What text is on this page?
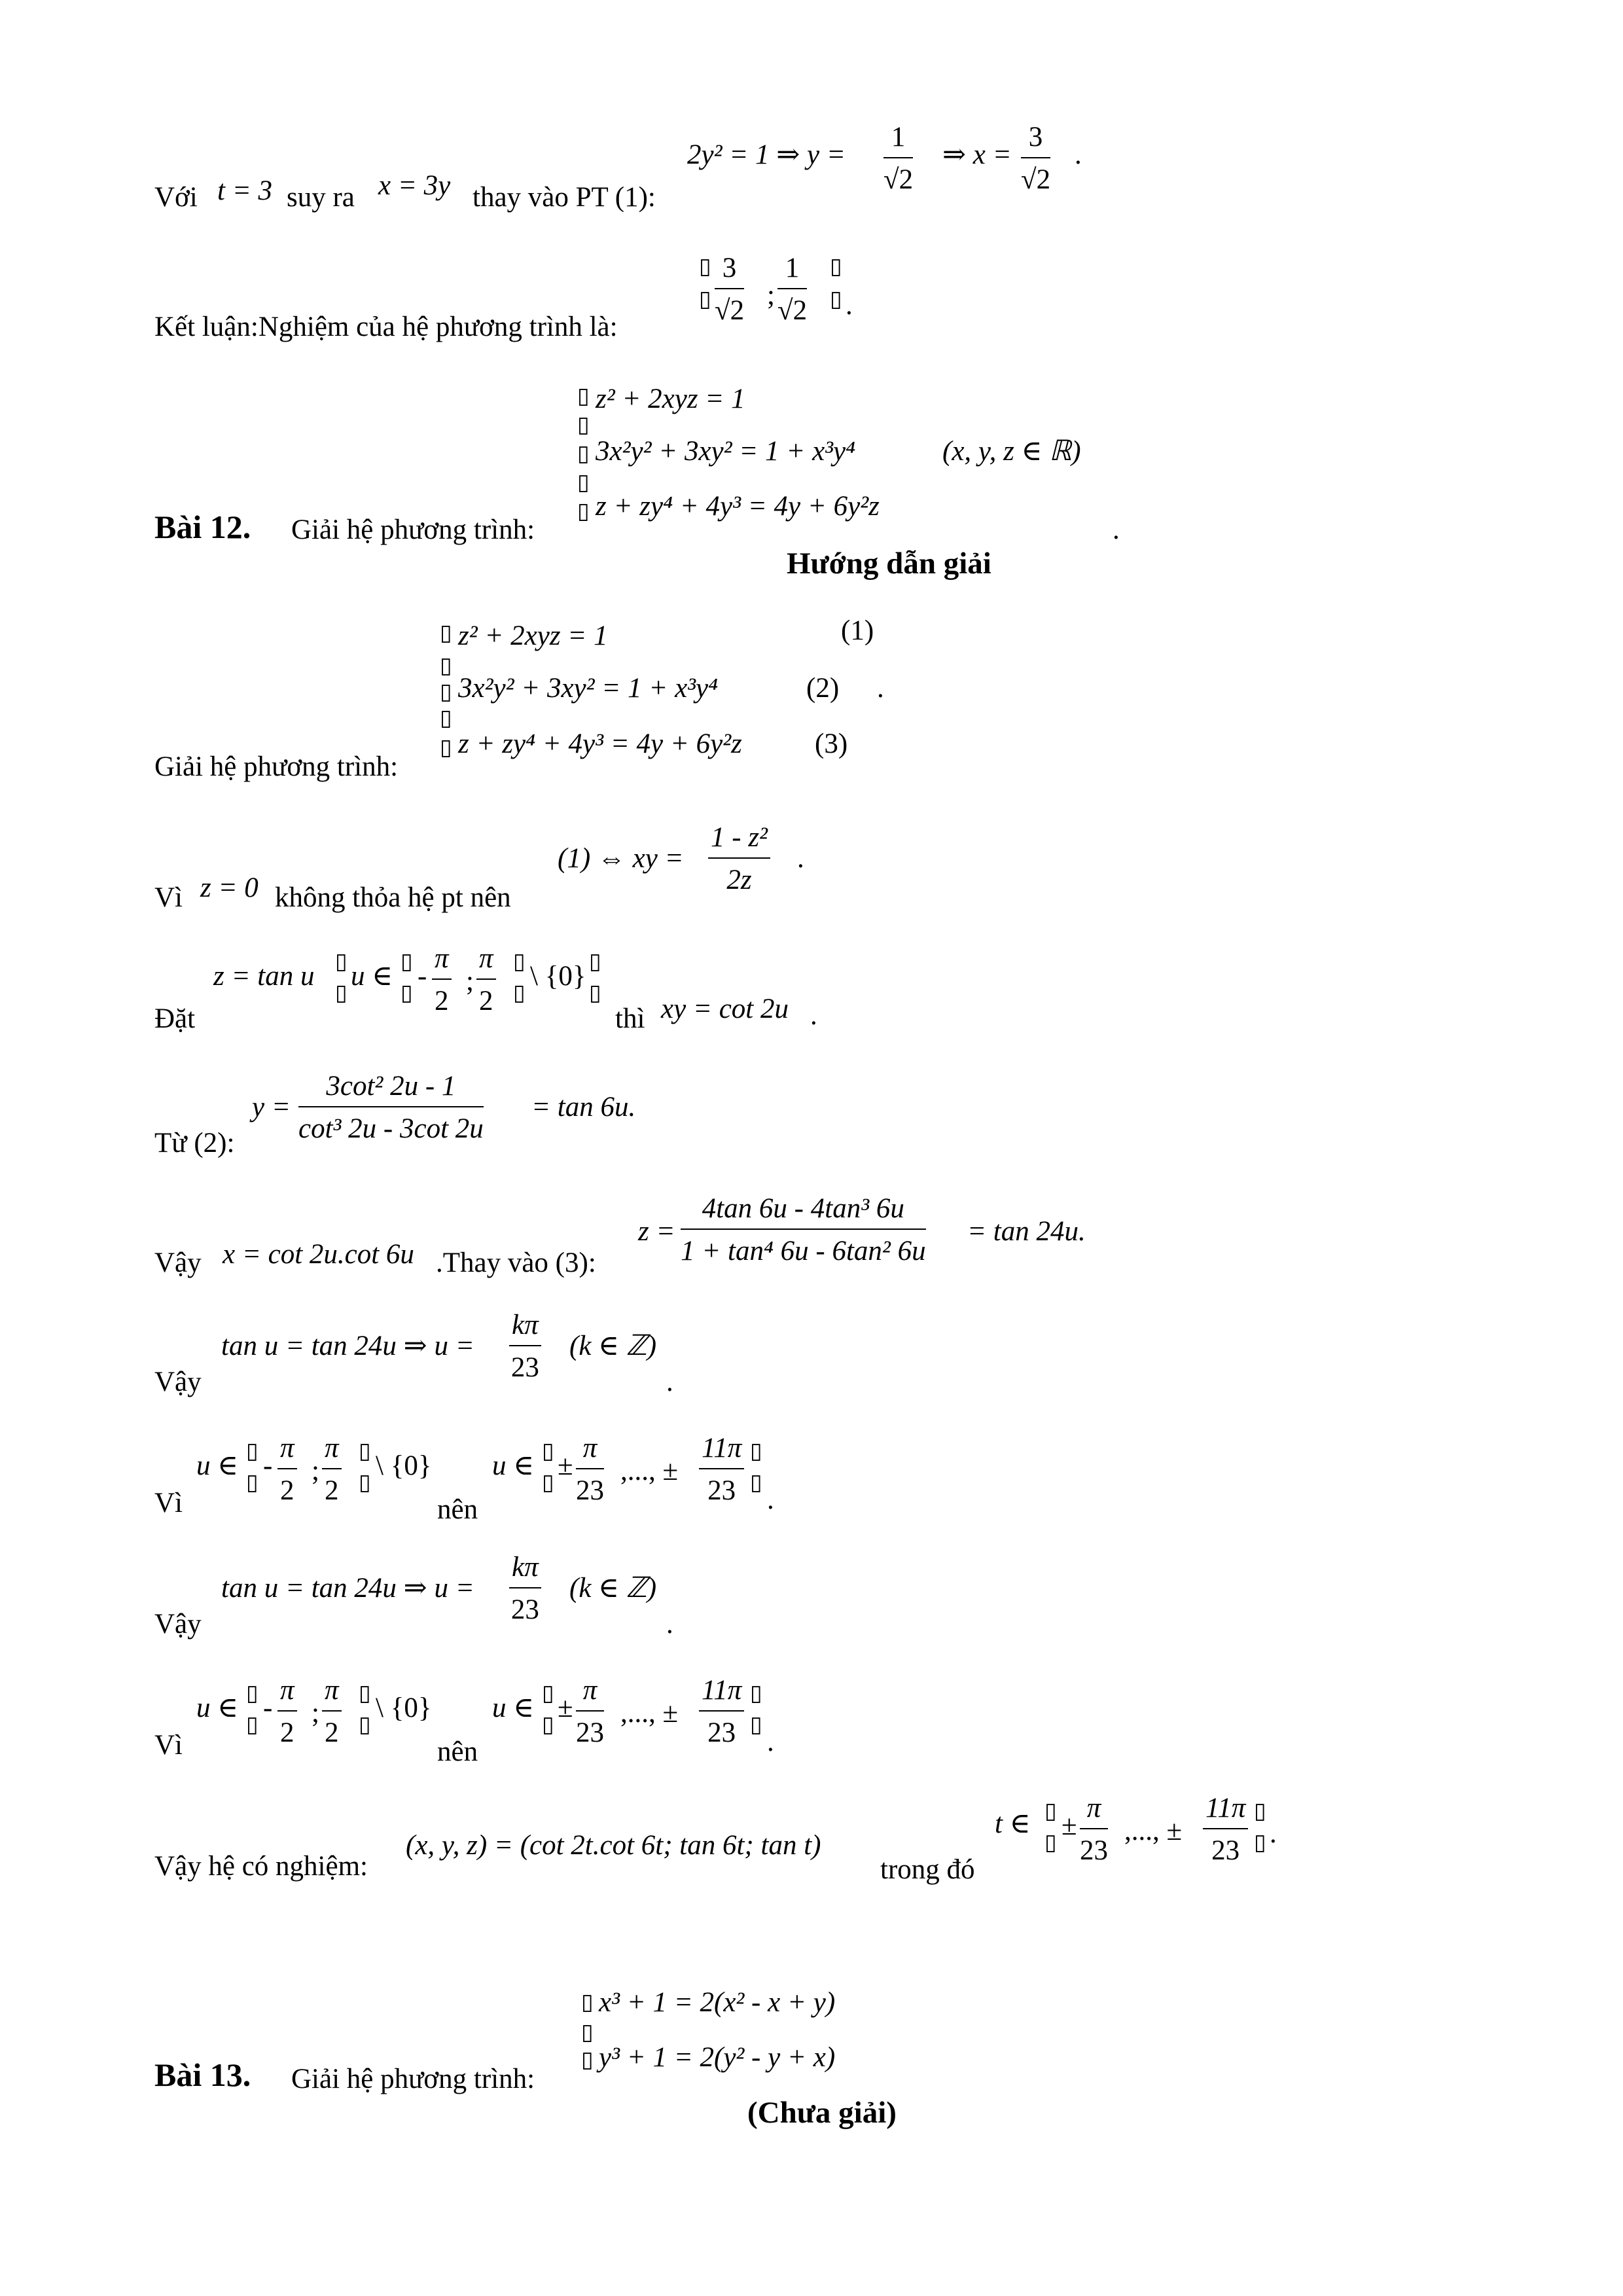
Với t = 3 suy ra x = 3y thay vào PT (1):
2y² = 1 ⇒ $y = \frac{1}{√2}$ ⇒ $x = \frac{3}{√2}$ .
Kết luận:Nghiệm của hệ phương trình là:
▯
▯ $\frac{3}{√2}$ ; $\frac{1}{√2}$ ▯
▯ .
▯
▯
▯
▯
▯
z² + 2xyz = 1
3x²y² + 3xy² = 1 + x³y⁴	(x, y, z ∈ ℝ)
Bài 12. Giải hệ phương trình:
z + zy⁴ + 4y³ = 4y + 6y²z
.
Hướng dẫn giải
▯
▯
▯
▯
▯
z² + 2xyz = 1	(1)
3x²y² + 3xy² = 1 + x³y⁴	(2) .
Giải hệ phương trình:
z + zy⁴ + 4y³ = 4y + 6y²z	(3)
Vì z = 0 không thỏa hệ pt nên
(1) ⇔ xy = $\frac{\text{1 - z²}}{2z}$ .
Đặt
z = tan u ▯
▯
u ∈ ▯
▯
- $\frac{\pi}{2}$ ; $\frac{\pi}{2}$ ▯
▯
\ {0} ▯
▯
thì xy = cot 2u .
Từ (2):
$y = \frac{\text{3cot² 2u - 1}}{\text{cot³ 2u - 3cot 2u}} = \tan 6u$.
Vậy x = cot 2u.cot 6u .Thay vào (3):
$z = \frac{\text{4tan 6u - 4tan³ 6u}}{\text{1 + tan⁴ 6u - 6tan² 6u}} = \tan 24u$.
Vậy
tan u = tan 24u ⇒ $u = \frac{k\pi}{23} (k$ ∈ ℤ)
.
Vì
u ∈ ▯
▯
- $\frac{\pi}{2}$ ; $\frac{\pi}{2}$ ▯
▯
\ {0}
nên
u ∈ ▯
▯
± $\frac{\pi}{23}$ ,..., ± $\frac{11\pi}{23}$ ▯
▯
.
Vậy
tan u = tan 24u ⇒ $u = \frac{k\pi}{23} (k$ ∈ ℤ)
.
Vì
u ∈ ▯
▯
- $\frac{\pi}{2}$ ; $\frac{\pi}{2}$ ▯
▯
\ {0}
nên
u ∈ ▯
▯
± $\frac{\pi}{23}$ ,..., ± $\frac{11\pi}{23}$ ▯
▯
.
Vậy hệ có nghiệm:
(x, y, z) = (cot 2t.cot 6t; tan 6t; tan t)
trong đó
t ∈ ▯
▯
± $\frac{\pi}{23}$ ,..., ± $\frac{11\pi}{23}$ ▯
▯ .
▯
▯
▯
x³ + 1 = 2(x² - x + y)
Bài 13. Giải hệ phương trình:
y³ + 1 = 2(y² - y + x)
(Chưa giải)
